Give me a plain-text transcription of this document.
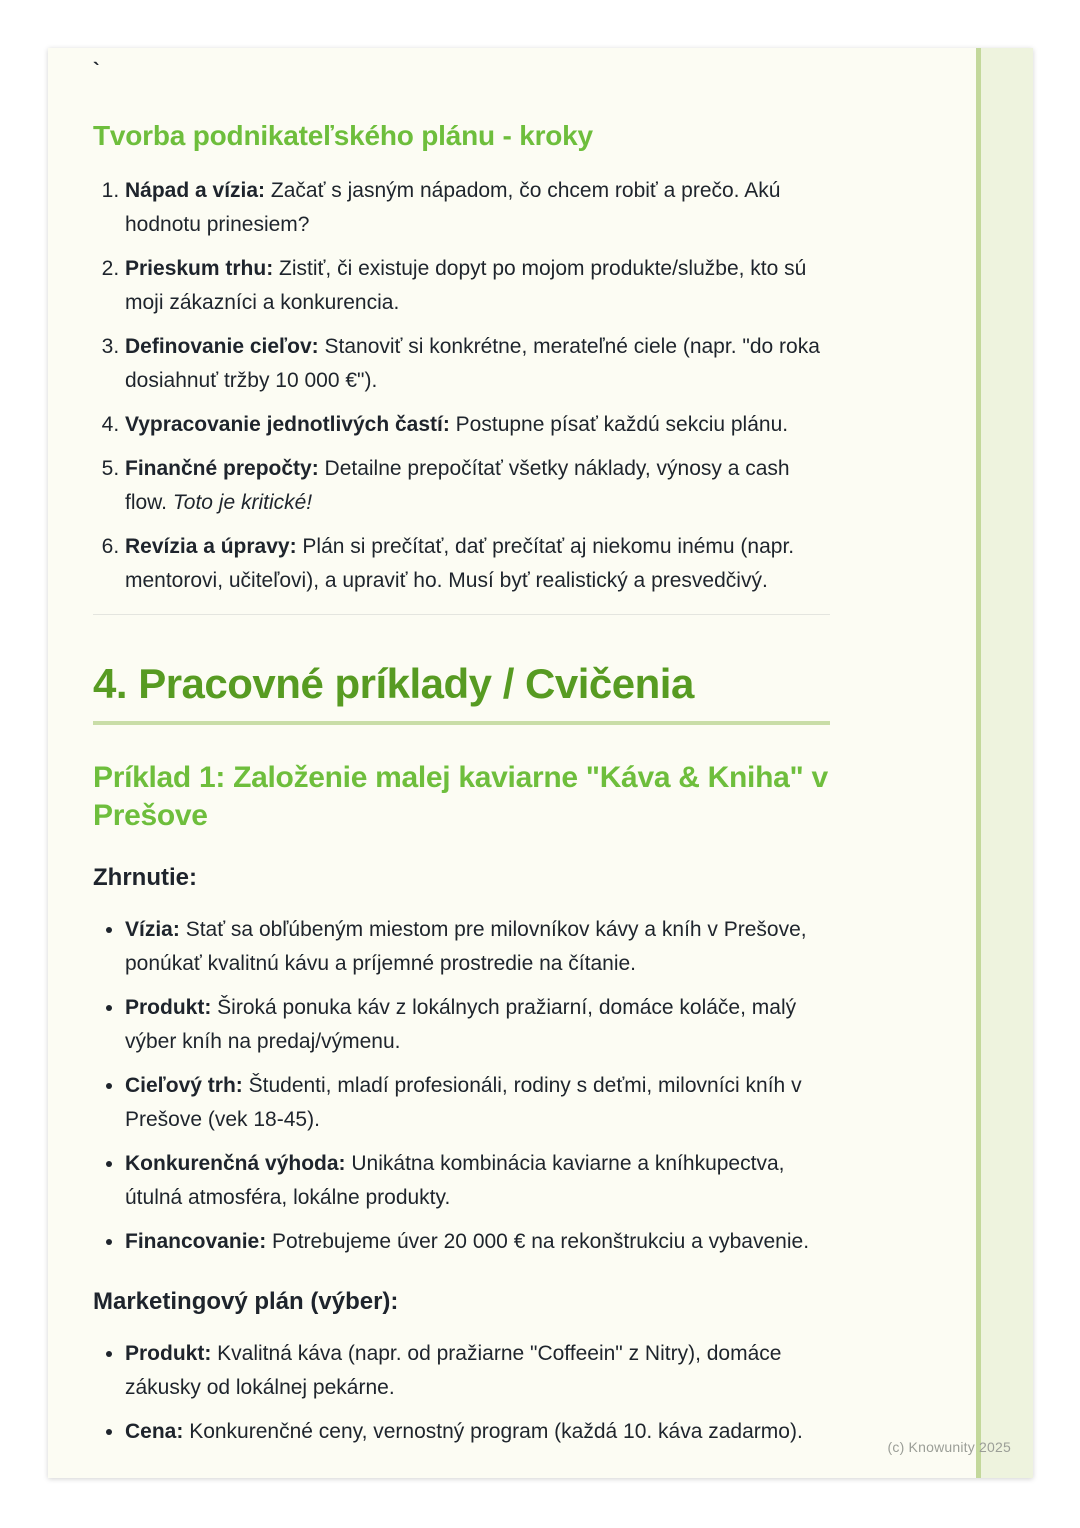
`
Tvorba podnikateľského plánu - kroky
1. Nápad a vízia: Začať s jasným nápadom, čo chcem robiť a prečo. Akú hodnotu prinesiem?
2. Prieskum trhu: Zistiť, či existuje dopyt po mojom produkte/službe, kto sú moji zákazníci a konkurencia.
3. Definovanie cieľov: Stanoviť si konkrétne, merateľné ciele (napr. "do roka dosiahnuť tržby 10 000 €").
4. Vypracovanie jednotlivých častí: Postupne písať každú sekciu plánu.
5. Finančné prepočty: Detailne prepočítať všetky náklady, výnosy a cash flow. Toto je kritické!
6. Revízia a úpravy: Plán si prečítať, dať prečítať aj niekomu inému (napr. mentorovi, učiteľovi), a upraviť ho. Musí byť realistický a presvedčivý.
4. Pracovné príklady / Cvičenia
Príklad 1: Založenie malej kaviarne "Káva & Kniha" v Prešove
Zhrnutie:
• Vízia: Stať sa obľúbeným miestom pre milovníkov kávy a kníh v Prešove, ponúkať kvalitnú kávu a príjemné prostredie na čítanie.
• Produkt: Široká ponuka káv z lokálnych pražiarní, domáce koláče, malý výber kníh na predaj/výmenu.
• Cieľový trh: Študenti, mladí profesionáli, rodiny s deťmi, milovníci kníh v Prešove (vek 18-45).
• Konkurenčná výhoda: Unikátna kombinácia kaviarne a kníhkupectva, útulná atmosféra, lokálne produkty.
• Financovanie: Potrebujeme úver 20 000 € na rekonštrukciu a vybavenie.
Marketingový plán (výber):
• Produkt: Kvalitná káva (napr. od pražiarne "Coffeein" z Nitry), domáce zákusky od lokálnej pekárne.
• Cena: Konkurenčné ceny, vernostný program (každá 10. káva zadarmo).
(c) Knowunity 2025
